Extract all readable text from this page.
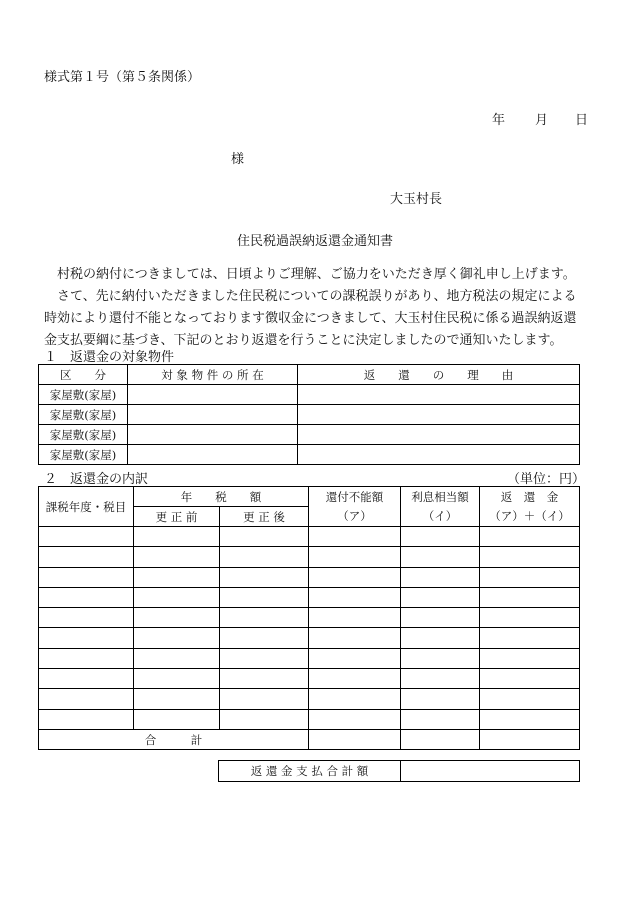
様式第１号（第５条関係）
年 月 日
様
大玉村長
住民税過誤納返還金通知書

村税の納付につきましては、日頃よりご理解、ご協力をいただき厚く御礼申し上げます。

さて、先に納付いただきました住民税についての課税誤りがあり、地方税法の規定による

時効により還付不能となっております徴収金につきまして、大玉村住民税に係る過誤納返還

金支払要綱に基づき、下記のとおり返還を行うことに決定しましたので通知いたします。

１　返還金の対象物件
区　　分	対 象 物 件 の 所 在	返　　還　　の　　理　　由
家屋敷(家屋)		
家屋敷(家屋)		
家屋敷(家屋)		
家屋敷(家屋)		
２　返還金の内訳	（単位：円）
課税年度・税目	年　　税　　額		還付不能額	利息相当額	返　還　金
	更 正 前	更 正 後	（ア）	（イ）	（ア）＋（イ）

合　　　計					
返 還 金 支 払 合 計 額	
